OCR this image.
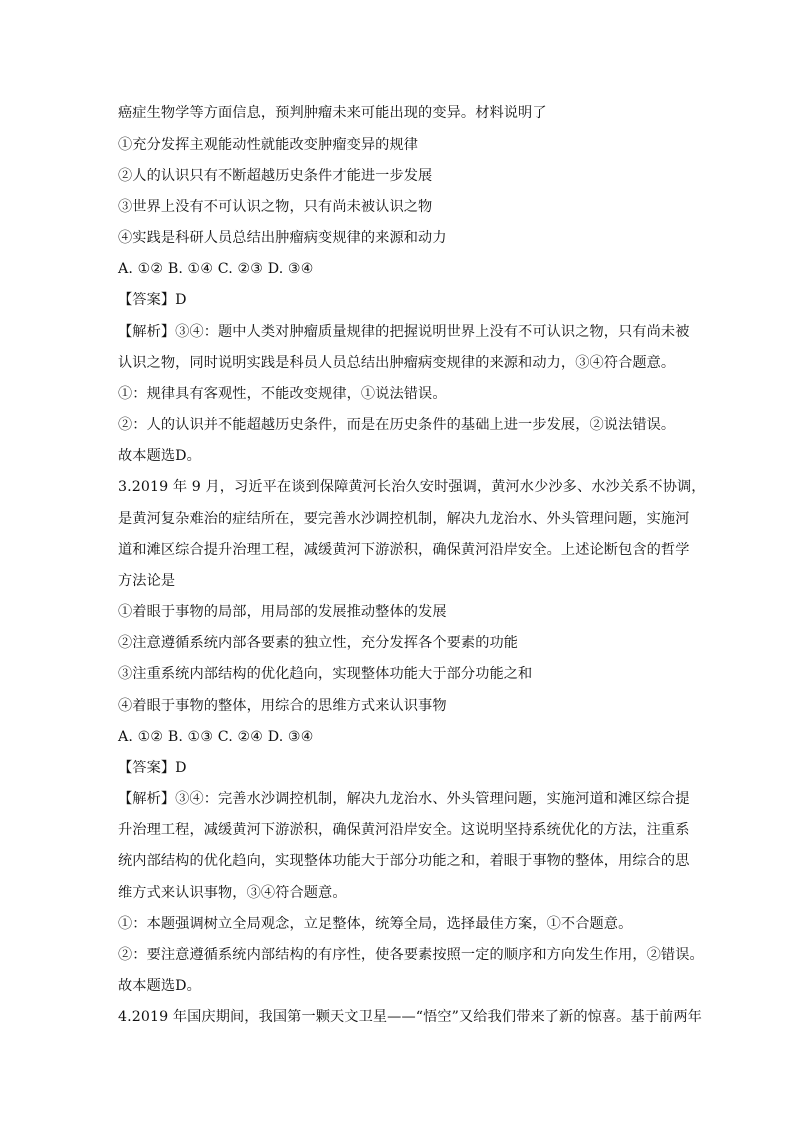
癌症生物学等方面信息，预判肿瘤未来可能出现的变异。材料说明了
①充分发挥主观能动性就能改变肿瘤变异的规律
②人的认识只有不断超越历史条件才能进一步发展
③世界上没有不可认识之物，只有尚未被认识之物
④实践是科研人员总结出肿瘤病变规律的来源和动力
A. ①② B. ①④ C. ②③ D. ③④
【答案】D
【解析】③④：题中人类对肿瘤质量规律的把握说明世界上没有不可认识之物，只有尚未被
认识之物，同时说明实践是科员人员总结出肿瘤病变规律的来源和动力，③④符合题意。
①：规律具有客观性，不能改变规律，①说法错误。
②：人的认识并不能超越历史条件，而是在历史条件的基础上进一步发展，②说法错误。
故本题选D。
3.2019 年 9 月，习近平在谈到保障黄河长治久安时强调，黄河水少沙多、水沙关系不协调，
是黄河复杂难治的症结所在，要完善水沙调控机制，解决九龙治水、外头管理问题，实施河
道和滩区综合提升治理工程，减缓黄河下游淤积，确保黄河沿岸安全。上述论断包含的哲学
方法论是
①着眼于事物的局部，用局部的发展推动整体的发展
②注意遵循系统内部各要素的独立性，充分发挥各个要素的功能
③注重系统内部结构的优化趋向，实现整体功能大于部分功能之和
④着眼于事物的整体，用综合的思维方式来认识事物
A. ①② B. ①③ C. ②④ D. ③④
【答案】D
【解析】③④：完善水沙调控机制，解决九龙治水、外头管理问题，实施河道和滩区综合提
升治理工程，减缓黄河下游淤积，确保黄河沿岸安全。这说明坚持系统优化的方法，注重系
统内部结构的优化趋向，实现整体功能大于部分功能之和，着眼于事物的整体，用综合的思
维方式来认识事物，③④符合题意。
①：本题强调树立全局观念，立足整体，统筹全局，选择最佳方案，①不合题意。
②：要注意遵循系统内部结构的有序性，使各要素按照一定的顺序和方向发生作用，②错误。
故本题选D。
4.2019 年国庆期间，我国第一颗天文卫星——“悟空”又给我们带来了新的惊喜。基于前两年
